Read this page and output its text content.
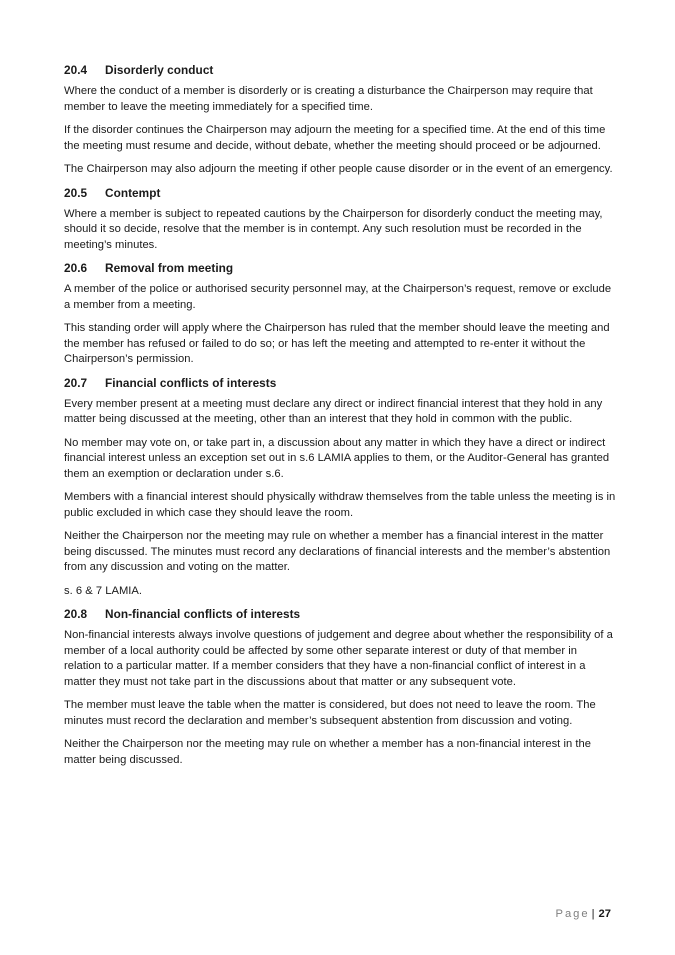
20.4	Disorderly conduct

Where the conduct of a member is disorderly or is creating a disturbance the Chairperson may require that member to leave the meeting immediately for a specified time.

If the disorder continues the Chairperson may adjourn the meeting for a specified time. At the end of this time the meeting must resume and decide, without debate, whether the meeting should proceed or be adjourned.

The Chairperson may also adjourn the meeting if other people cause disorder or in the event of an emergency.

20.5	Contempt

Where a member is subject to repeated cautions by the Chairperson for disorderly conduct the meeting may, should it so decide, resolve that the member is in contempt. Any such resolution must be recorded in the meeting’s minutes.

20.6	Removal from meeting

A member of the police or authorised security personnel may, at the Chairperson’s request, remove or exclude a member from a meeting.

This standing order will apply where the Chairperson has ruled that the member should leave the meeting and the member has refused or failed to do so; or has left the meeting and attempted to re-enter it without the Chairperson’s permission.

20.7	Financial conflicts of interests

Every member present at a meeting must declare any direct or indirect financial interest that they hold in any matter being discussed at the meeting, other than an interest that they hold in common with the public.

No member may vote on, or take part in, a discussion about any matter in which they have a direct or indirect financial interest unless an exception set out in s.6 LAMIA applies to them, or the Auditor-General has granted them an exemption or declaration under s.6.

Members with a financial interest should physically withdraw themselves from the table unless the meeting is in public excluded in which case they should leave the room.

Neither the Chairperson nor the meeting may rule on whether a member has a financial interest in the matter being discussed. The minutes must record any declarations of financial interests and the member’s abstention from any discussion and voting on the matter.

s. 6 & 7 LAMIA.

20.8	Non-financial conflicts of interests

Non-financial interests always involve questions of judgement and degree about whether the responsibility of a member of a local authority could be affected by some other separate interest or duty of that member in relation to a particular matter. If a member considers that they have a non-financial conflict of interest in a matter they must not take part in the discussions about that matter or any subsequent vote.

The member must leave the table when the matter is considered, but does not need to leave the room. The minutes must record the declaration and member’s subsequent abstention from discussion and voting.

Neither the Chairperson nor the meeting may rule on whether a member has a non-financial interest in the matter being discussed.

Page | 27
